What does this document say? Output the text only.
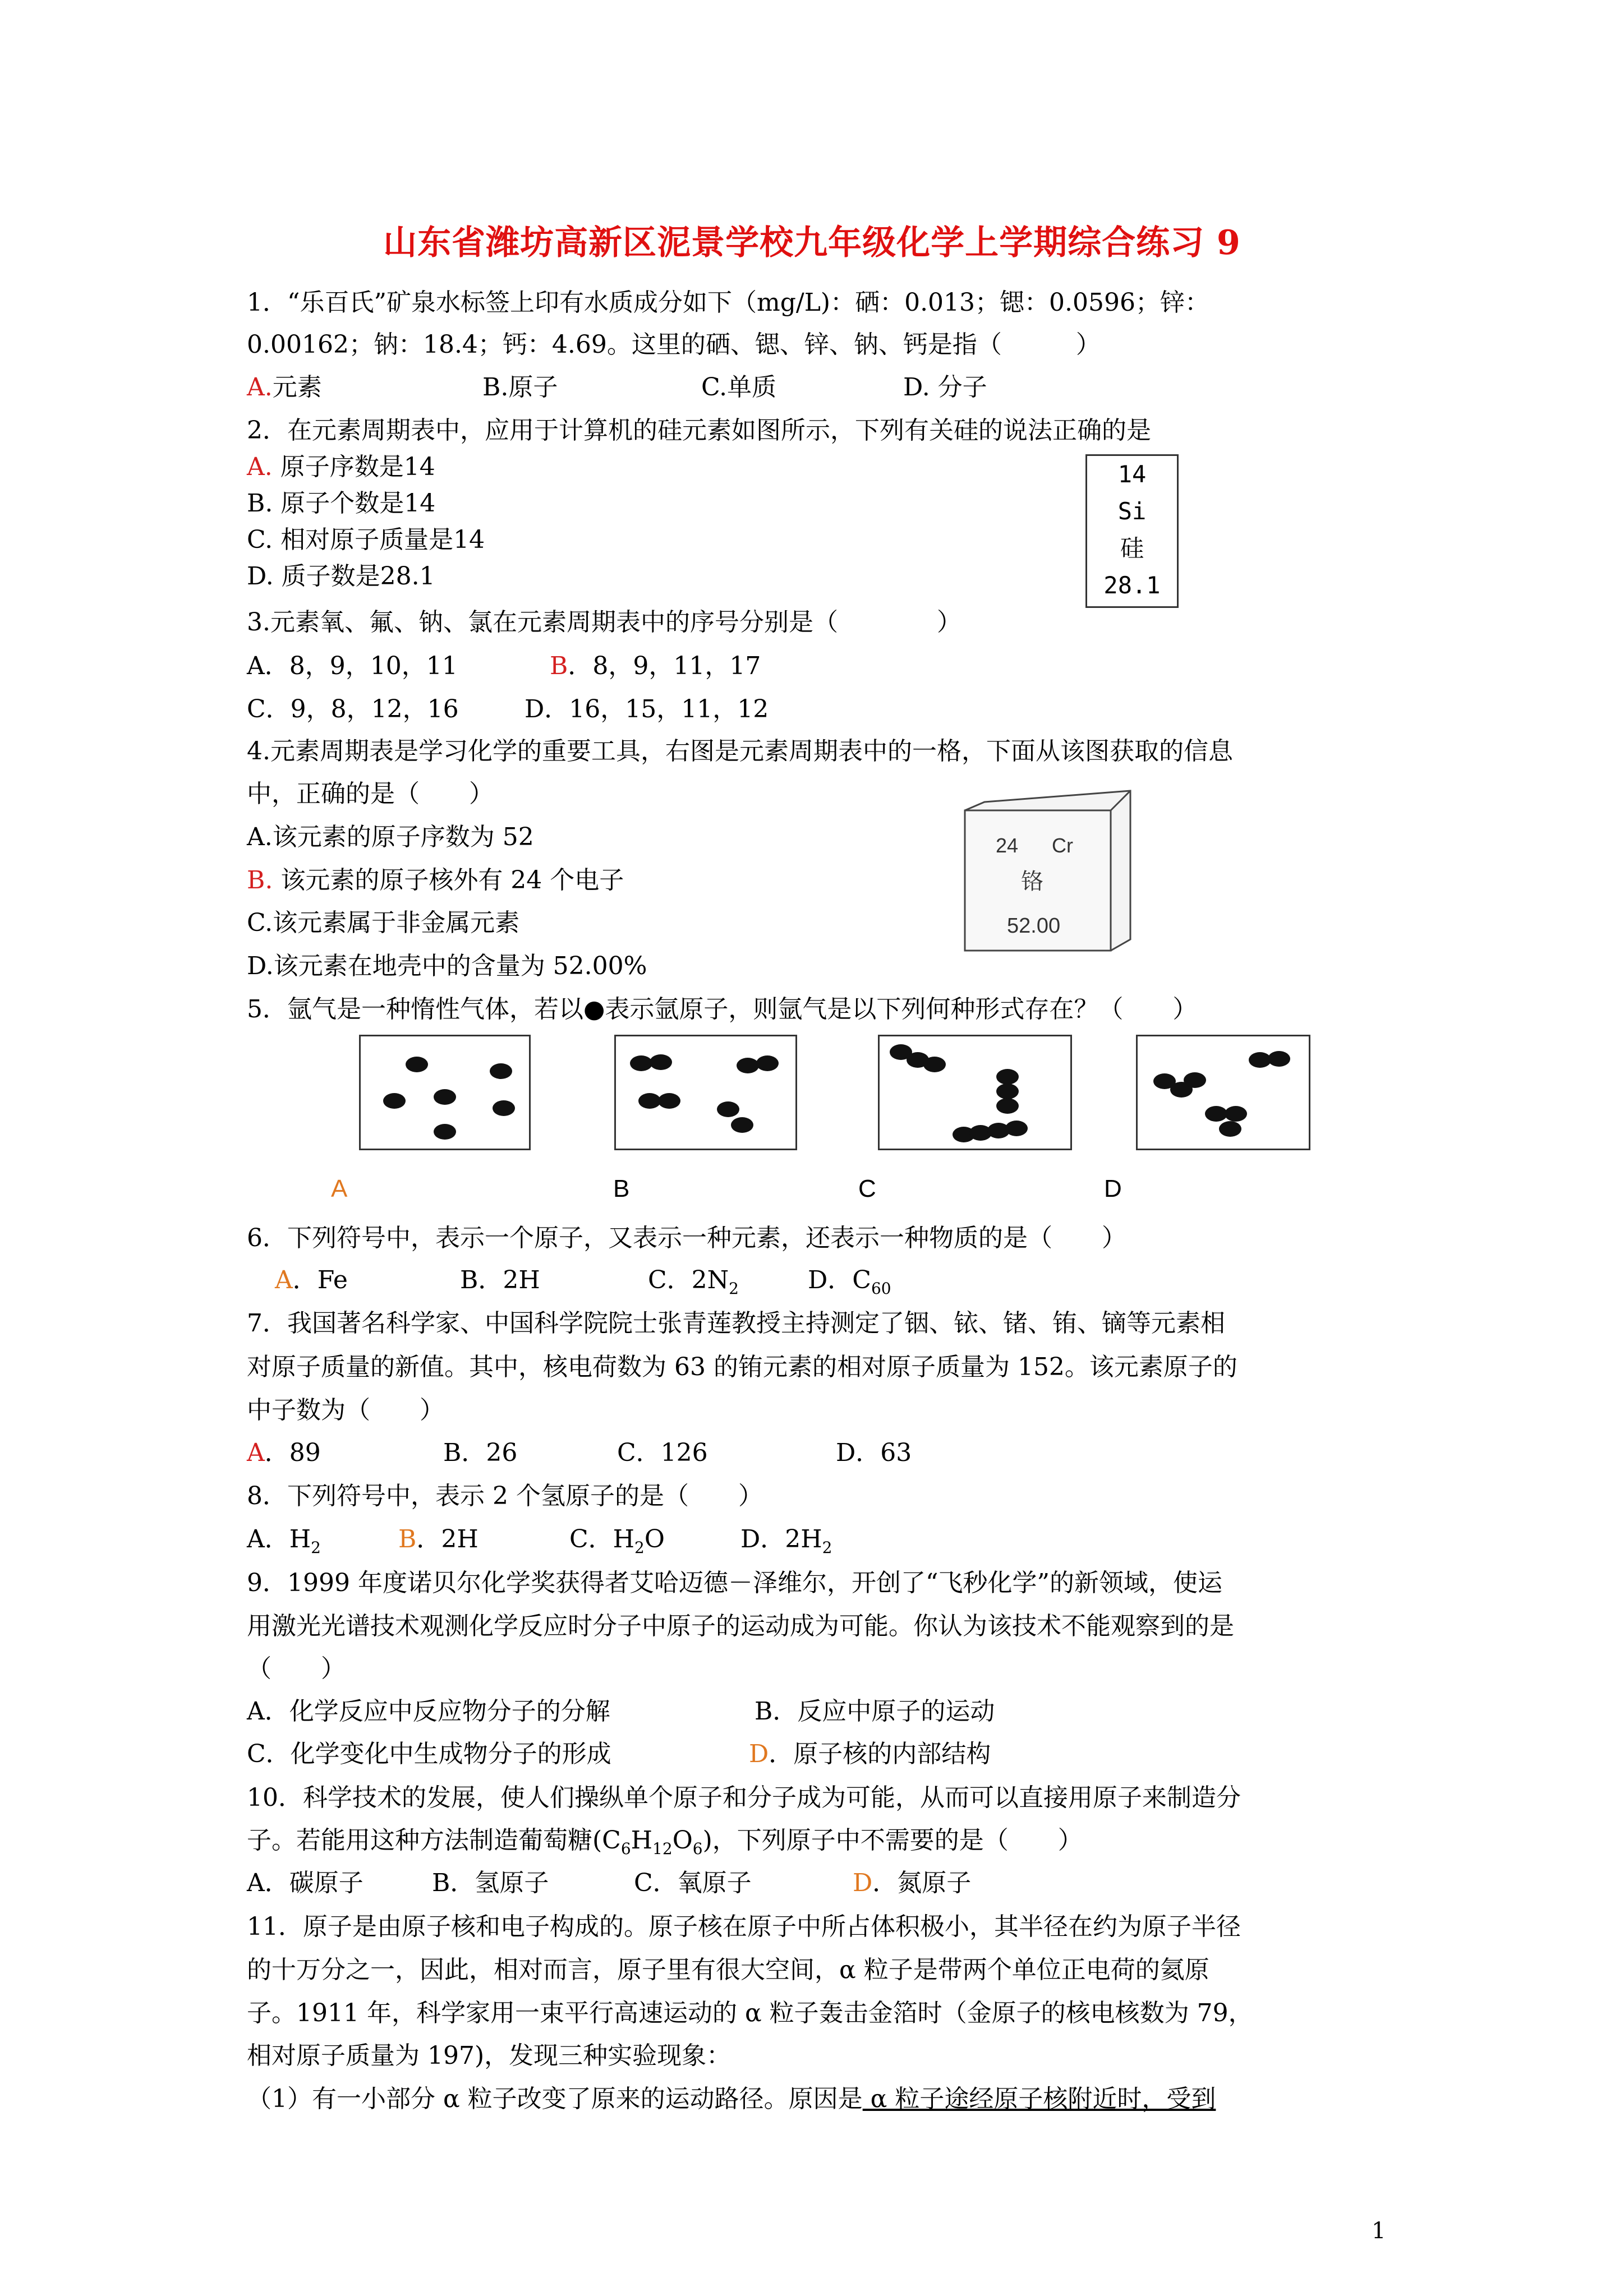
山东省潍坊高新区泥景学校九年级化学上学期综合练习 9
1．“乐百氏”矿泉水标签上印有水质成分如下（mg/L)：硒：0.013；锶：0.0596；锌：
0.00162；钠：18.4；钙：4.69。这里的硒、锶、锌、钠、钙是指（　　　）
A.元素	B.原子	C.单质	D. 分子
2．在元素周期表中，应用于计算机的硅元素如图所示，下列有关硅的说法正确的是
A. 原子序数是14
B. 原子个数是14
C. 相对原子质量是14
D. 质子数是28.1
14
Si
硅
28.1
3.元素氧、氟、钠、氯在元素周期表中的序号分别是（　　　　）
A．8，9，10，11	B．8，9，11，17
C．9，8，12，16	D．16，15，11，12
4.元素周期表是学习化学的重要工具，右图是元素周期表中的一格，下面从该图获取的信息
中，正确的是（　　）
A.该元素的原子序数为 52
B. 该元素的原子核外有 24 个电子
C.该元素属于非金属元素
D.该元素在地壳中的含量为 52.00%
24 Cr
铬
52.00
5．氩气是一种惰性气体，若以●表示氩原子，则氩气是以下列何种形式存在？（　　）
A	B	C	D
6．下列符号中，表示一个原子，又表示一种元素，还表示一种物质的是（　　）
A．Fe	B．2H	C．$2N_2$	D．$C_{60}$
7．我国著名科学家、中国科学院院士张青莲教授主持测定了铟、铱、锗、铕、镝等元素相
对原子质量的新值。其中，核电荷数为 63 的铕元素的相对原子质量为 152。该元素原子的
中子数为（　　）
A．89	B．26	C．126	D．63
8．下列符号中，表示 2 个氢原子的是（　　）
A．$H_2$	B．2H	C．$H_2O$	D．$2H_2$
9．1999 年度诺贝尔化学奖获得者艾哈迈德－泽维尔，开创了“飞秒化学”的新领域，使运
用激光光谱技术观测化学反应时分子中原子的运动成为可能。你认为该技术不能观察到的是
（　　）
A．化学反应中反应物分子的分解	B．反应中原子的运动
C．化学变化中生成物分子的形成	D．原子核的内部结构
10．科学技术的发展，使人们操纵单个原子和分子成为可能，从而可以直接用原子来制造分
子。若能用这种方法制造葡萄糖$(C_6H_{12}O_6)$，下列原子中不需要的是（　　）
A．碳原子	B．氢原子	C．氧原子	D．氮原子
11．原子是由原子核和电子构成的。原子核在原子中所占体积极小，其半径在约为原子半径
的十万分之一，因此，相对而言，原子里有很大空间，α 粒子是带两个单位正电荷的氦原
子。1911 年，科学家用一束平行高速运动的 α 粒子轰击金箔时（金原子的核电核数为 79，
相对原子质量为 197)，发现三种实验现象：
（1）有一小部分 α 粒子改变了原来的运动路径。原因是 α 粒子途经原子核附近时，受到
1
